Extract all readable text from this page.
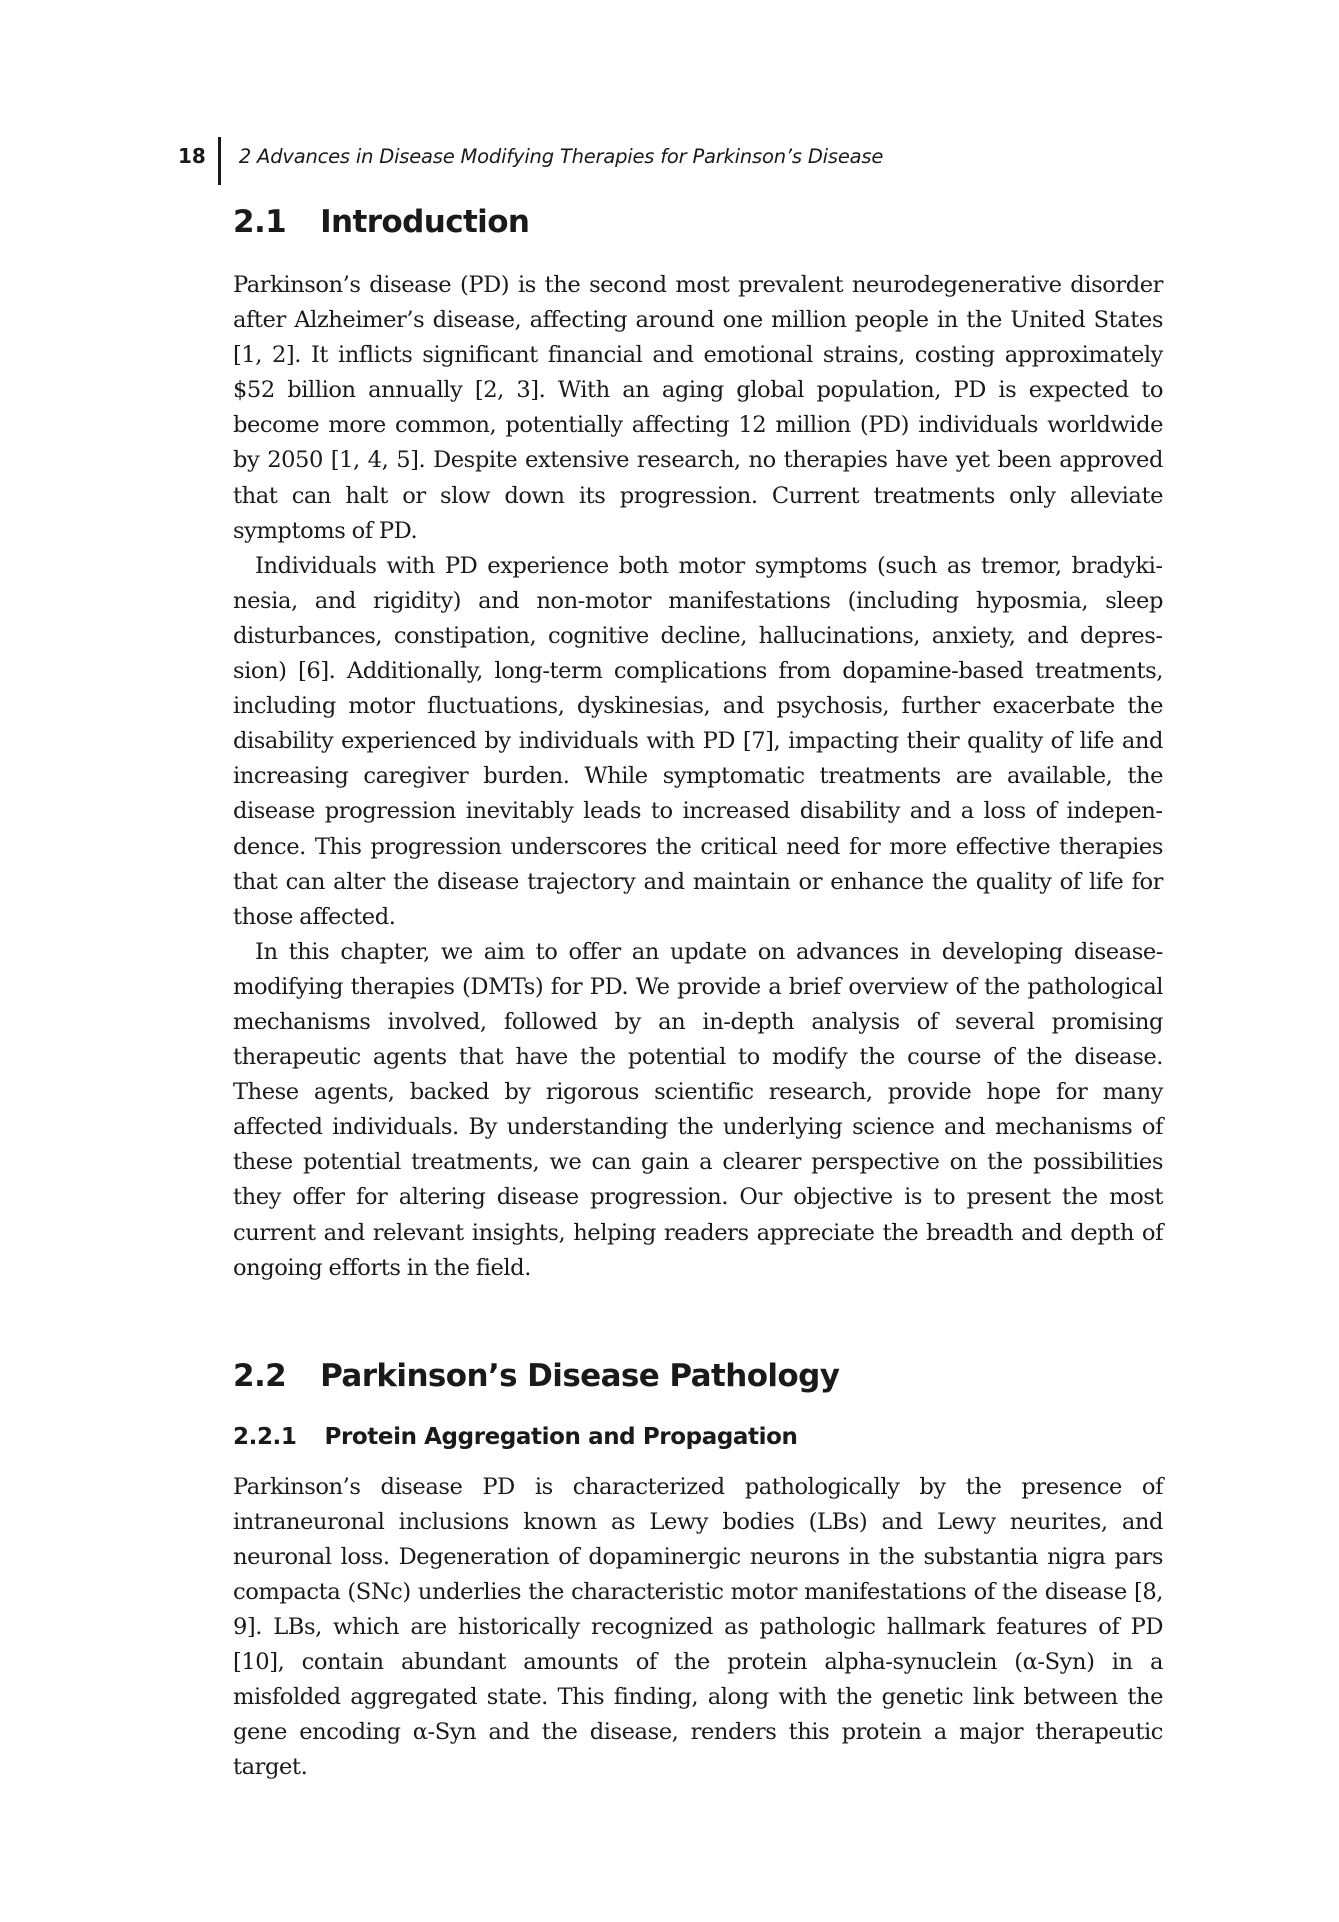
18	2 Advances in Disease Modifying Therapies for Parkinson’s Disease
2.1 Introduction

Parkinson’s disease (PD) is the second most prevalent neurodegenerative disorder after Alzheimer’s disease, affecting around one million people in the United States [1, 2]. It inflicts significant financial and emotional strains, costing approximately $52 billion annually [2, 3]. With an aging global population, PD is expected to become more common, potentially affecting 12 million (PD) individuals worldwide by 2050 [1, 4, 5]. Despite extensive research, no therapies have yet been approved that can halt or slow down its progression. Current treatments only alleviate symptoms of PD.

Individuals with PD experience both motor symptoms (such as tremor, bradykinesia, and rigidity) and non-motor manifestations (including hyposmia, sleep disturbances, constipation, cognitive decline, hallucinations, anxiety, and depression) [6]. Additionally, long-term complications from dopamine-based treatments, including motor fluctuations, dyskinesias, and psychosis, further exacerbate the disability experienced by individuals with PD [7], impacting their quality of life and increasing caregiver burden. While symptomatic treatments are available, the disease progression inevitably leads to increased disability and a loss of independence. This progression underscores the critical need for more effective therapies that can alter the disease trajectory and maintain or enhance the quality of life for those affected.

In this chapter, we aim to offer an update on advances in developing disease-modifying therapies (DMTs) for PD. We provide a brief overview of the pathological mechanisms involved, followed by an in-depth analysis of several promising therapeutic agents that have the potential to modify the course of the disease. These agents, backed by rigorous scientific research, provide hope for many affected individuals. By understanding the underlying science and mechanisms of these potential treatments, we can gain a clearer perspective on the possibilities they offer for altering disease progression. Our objective is to present the most current and relevant insights, helping readers appreciate the breadth and depth of ongoing efforts in the field.

2.2 Parkinson’s Disease Pathology
2.2.1 Protein Aggregation and Propagation

Parkinson’s disease PD is characterized pathologically by the presence of intraneuronal inclusions known as Lewy bodies (LBs) and Lewy neurites, and neuronal loss. Degeneration of dopaminergic neurons in the substantia nigra pars compacta (SNc) underlies the characteristic motor manifestations of the disease [8, 9]. LBs, which are historically recognized as pathologic hallmark features of PD [10], contain abundant amounts of the protein alpha-synuclein (α-Syn) in a misfolded aggregated state. This finding, along with the genetic link between the gene encoding α-Syn and the disease, renders this protein a major therapeutic target.
